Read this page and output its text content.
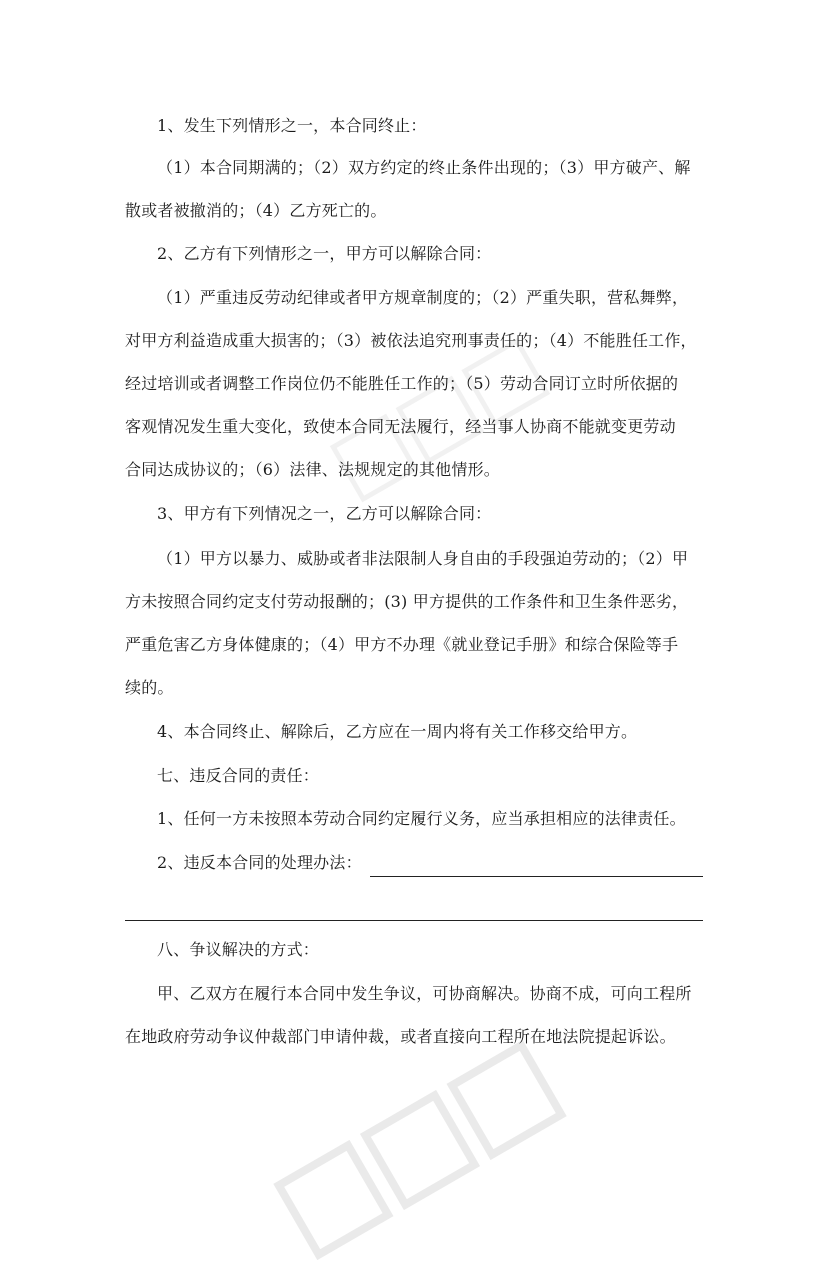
1、发生下列情形之一，本合同终止：
（1）本合同期满的；（2）双方约定的终止条件出现的；（3）甲方破产、解
散或者被撤消的；（4）乙方死亡的。
2、乙方有下列情形之一，甲方可以解除合同：
（1）严重违反劳动纪律或者甲方规章制度的；（2）严重失职，营私舞弊，
对甲方利益造成重大损害的；（3）被依法追究刑事责任的；（4）不能胜任工作，
经过培训或者调整工作岗位仍不能胜任工作的；（5）劳动合同订立时所依据的
客观情况发生重大变化，致使本合同无法履行，经当事人协商不能就变更劳动
合同达成协议的；（6）法律、法规规定的其他情形。
3、甲方有下列情况之一，乙方可以解除合同：
（1）甲方以暴力、威胁或者非法限制人身自由的手段强迫劳动的；（2）甲
方未按照合同约定支付劳动报酬的；(3) 甲方提供的工作条件和卫生条件恶劣，
严重危害乙方身体健康的；（4）甲方不办理《就业登记手册》和综合保险等手
续的。
4、本合同终止、解除后，乙方应在一周内将有关工作移交给甲方。
七、违反合同的责任：
1、任何一方未按照本劳动合同约定履行义务，应当承担相应的法律责任。
2、违反本合同的处理办法：
八、争议解决的方式：
甲、乙双方在履行本合同中发生争议，可协商解决。协商不成，可向工程所
在地政府劳动争议仲裁部门申请仲裁，或者直接向工程所在地法院提起诉讼。
